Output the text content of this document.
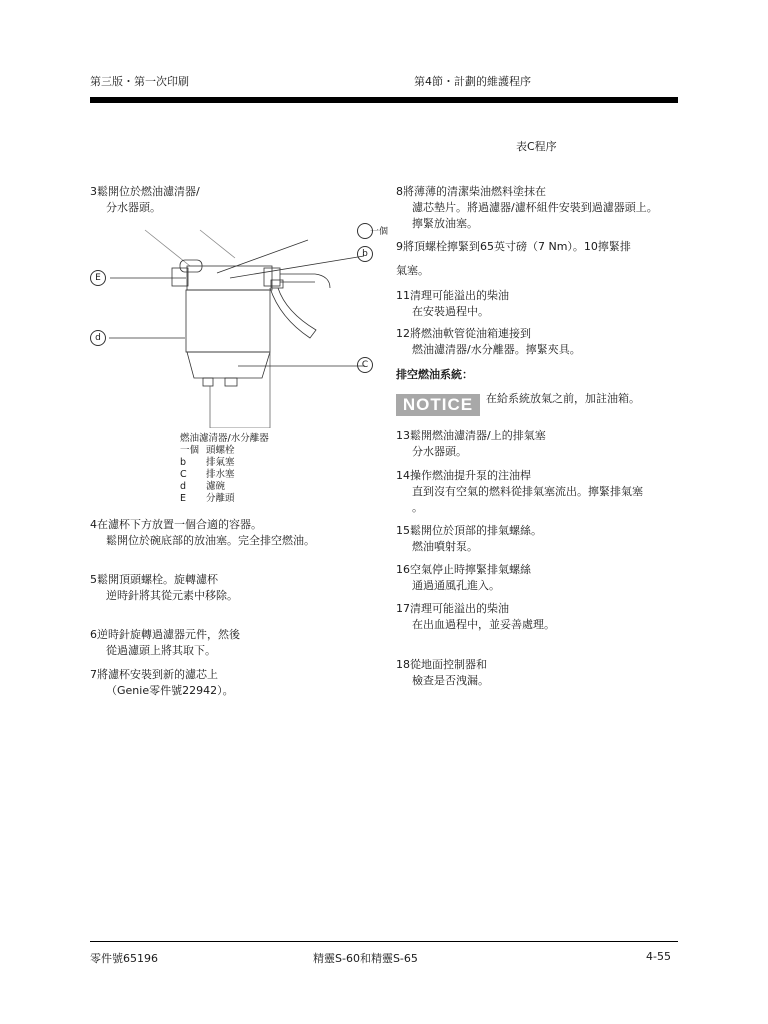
第三版・第一次印刷	第4節・計劃的維護程序
表C程序
3鬆開位於燃油濾清器/
分水器頭。
一個
b
E
d
C
燃油濾清器/水分離器
一個 頭螺栓
b 排氣塞
C 排水塞
d 濾碗
E 分離頭
4在濾杯下方放置一個合適的容器。
鬆開位於碗底部的放油塞。完全排空燃油。
5鬆開頂頭螺栓。旋轉濾杯
逆時針將其從元素中移除。
6逆時針旋轉過濾器元件，然後
從過濾頭上將其取下。
7將濾杯安裝到新的濾芯上
（Genie零件號22942）。
8將薄薄的清潔柴油燃料塗抹在
濾芯墊片。將過濾器/濾杯組件安裝到過濾器頭上。
擰緊放油塞。
9將頂螺栓擰緊到65英寸磅（7 Nm）。10擰緊排
氣塞。
11清理可能溢出的柴油
在安裝過程中。
12將燃油軟管從油箱連接到
燃油濾清器/水分離器。擰緊夾具。
排空燃油系統：
NOTICE	在給系統放氣之前，加註油箱。
13鬆開燃油濾清器/上的排氣塞
分水器頭。
14操作燃油提升泵的注油桿
直到沒有空氣的燃料從排氣塞流出。擰緊排氣塞
。
15鬆開位於頂部的排氣螺絲。
燃油噴射泵。
16空氣停止時擰緊排氣螺絲
通過通風孔進入。
17清理可能溢出的柴油
在出血過程中，並妥善處理。
18從地面控制器和
檢查是否洩漏。
零件號65196	精靈S-60和精靈S-65	4-55
